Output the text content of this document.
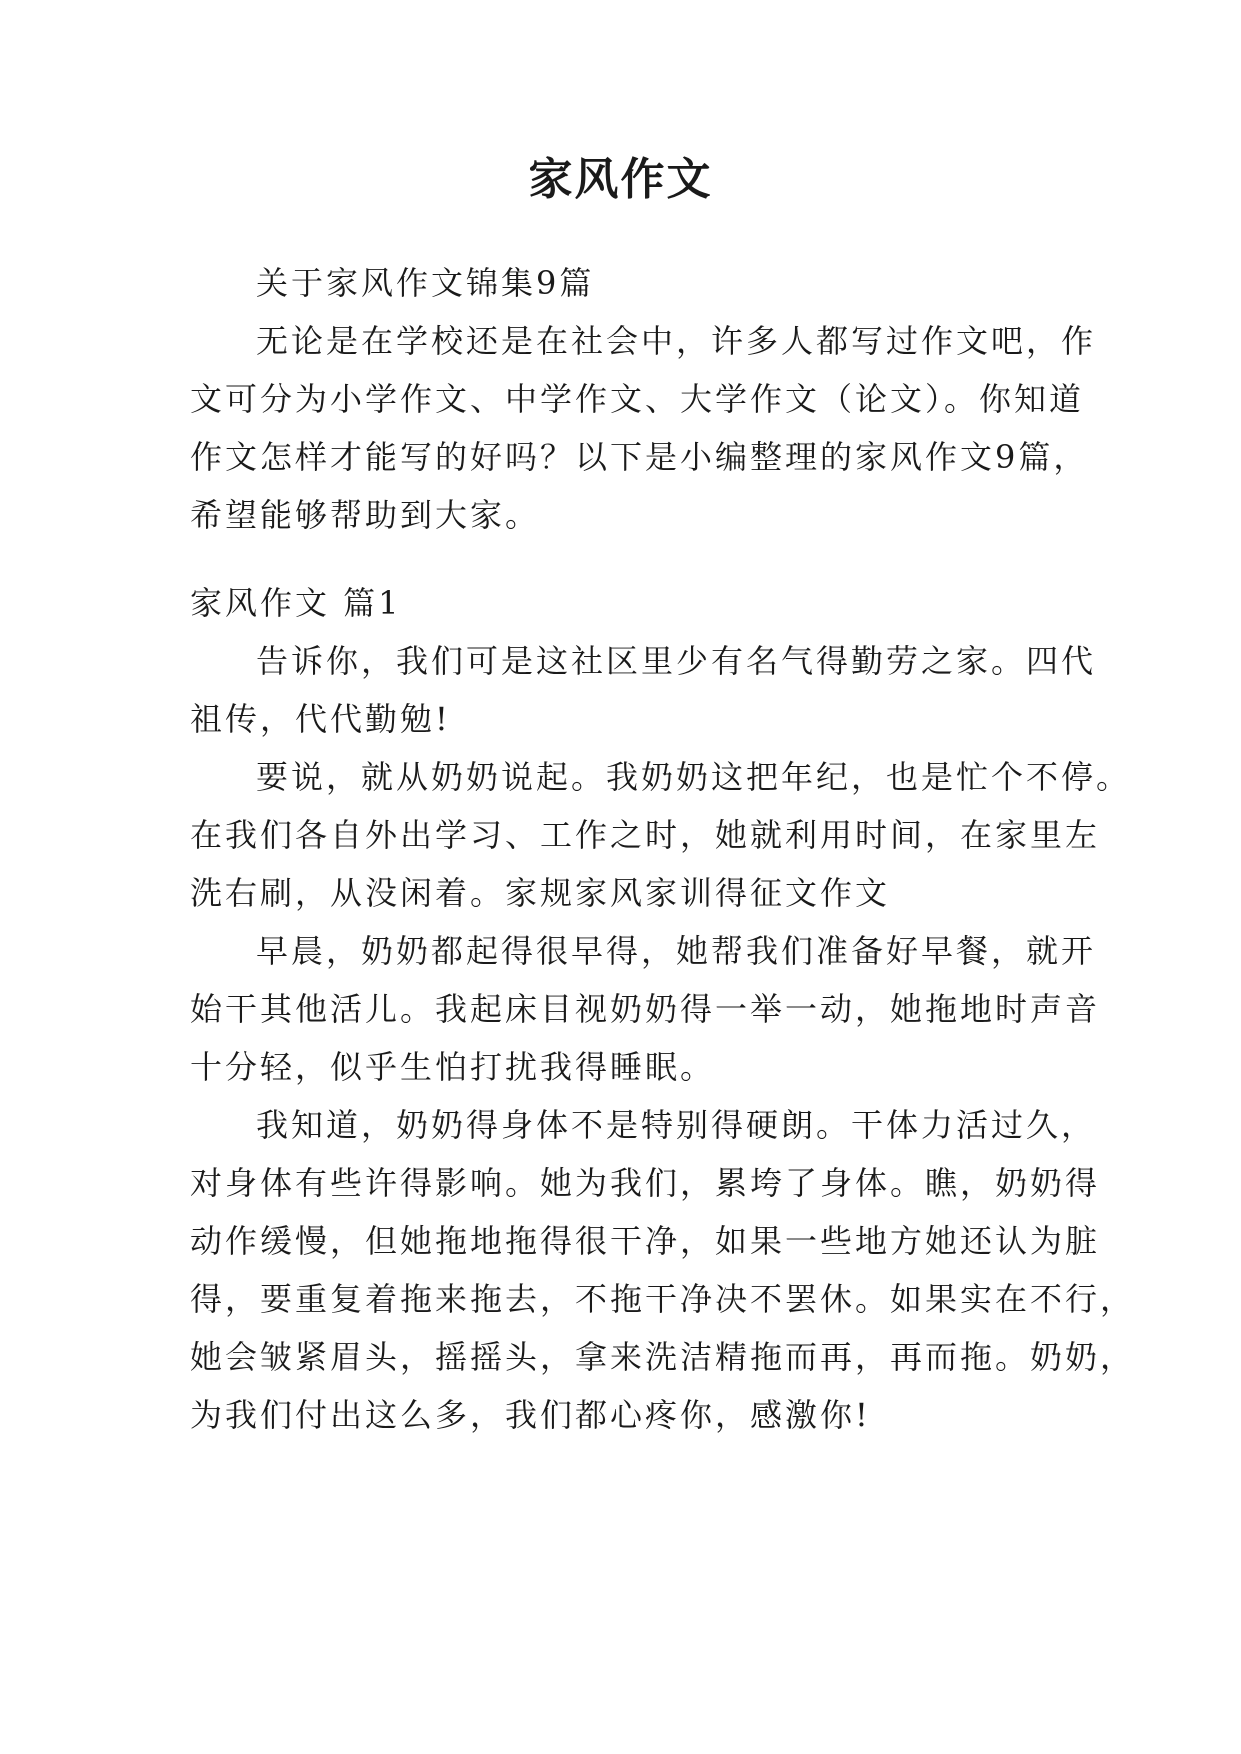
家风作文
关于家风作文锦集9篇
无论是在学校还是在社会中，许多人都写过作文吧，作
文可分为小学作文、中学作文、大学作文（论文）。你知道
作文怎样才能写的好吗？以下是小编整理的家风作文9篇，
希望能够帮助到大家。

家风作文 篇1

告诉你，我们可是这社区里少有名气得勤劳之家。四代
祖传，代代勤勉!
要说，就从奶奶说起。我奶奶这把年纪，也是忙个不停。
在我们各自外出学习、工作之时，她就利用时间，在家里左
洗右刷，从没闲着。家规家风家训得征文作文
早晨，奶奶都起得很早得，她帮我们准备好早餐，就开
始干其他活儿。我起床目视奶奶得一举一动，她拖地时声音
十分轻，似乎生怕打扰我得睡眠。
我知道，奶奶得身体不是特别得硬朗。干体力活过久，
对身体有些许得影响。她为我们，累垮了身体。瞧，奶奶得
动作缓慢，但她拖地拖得很干净，如果一些地方她还认为脏
得，要重复着拖来拖去，不拖干净决不罢休。如果实在不行，
她会皱紧眉头，摇摇头，拿来洗洁精拖而再，再而拖。奶奶，
为我们付出这么多，我们都心疼你，感激你!
